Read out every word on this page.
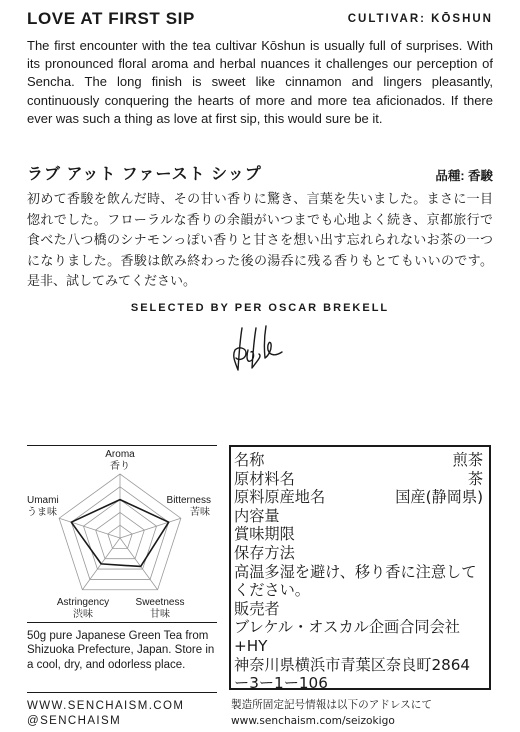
LOVE AT FIRST SIP	CULTIVAR: KŌSHUN
The first encounter with the tea cultivar Kōshun is usually full of surprises. With its pronounced floral aroma and herbal nuances it challenges our perception of Sencha. The long finish is sweet like cinnamon and lingers pleasantly, continuously conquering the hearts of more and more tea aficionados. If there ever was such a thing as love at first sip, this would sure be it.
ラブ アット ファースト シップ	品種: 香駿
初めて香駿を飲んだ時、その甘い香りに驚き、言葉を失いました。まさに一目惚れでした。フローラルな香りの余韻がいつまでも心地よく続き、京都旅行で食べた八つ橋のシナモンっぽい香りと甘さを想い出す忘れられないお茶の一つになりました。香駿は飲み終わった後の湯呑に残る香りもとてもいいのです。是非、試してみてください。
SELECTED BY PER OSCAR BREKELL
Aroma
香り
Bitterness
苦味
Umami
うま味
Sweetness
甘味
Astringency
渋味
50g pure Japanese Green Tea from Shizuoka Prefecture, Japan. Store in a cool, dry, and odorless place.
WWW.SENCHAISM.COM
@SENCHAISM
名称	煎茶
原材料名	茶
原料原産地名	国産(静岡県)
内容量
賞味期限
保存方法
高温多湿を避け、移り香に注意してください。
販売者
ブレケル・オスカル企画合同会社+HY
神奈川県横浜市青葉区奈良町2864ー3ー1ー106
製造所固定記号情報は以下のアドレスにて www.senchaism.com/seizokigo
